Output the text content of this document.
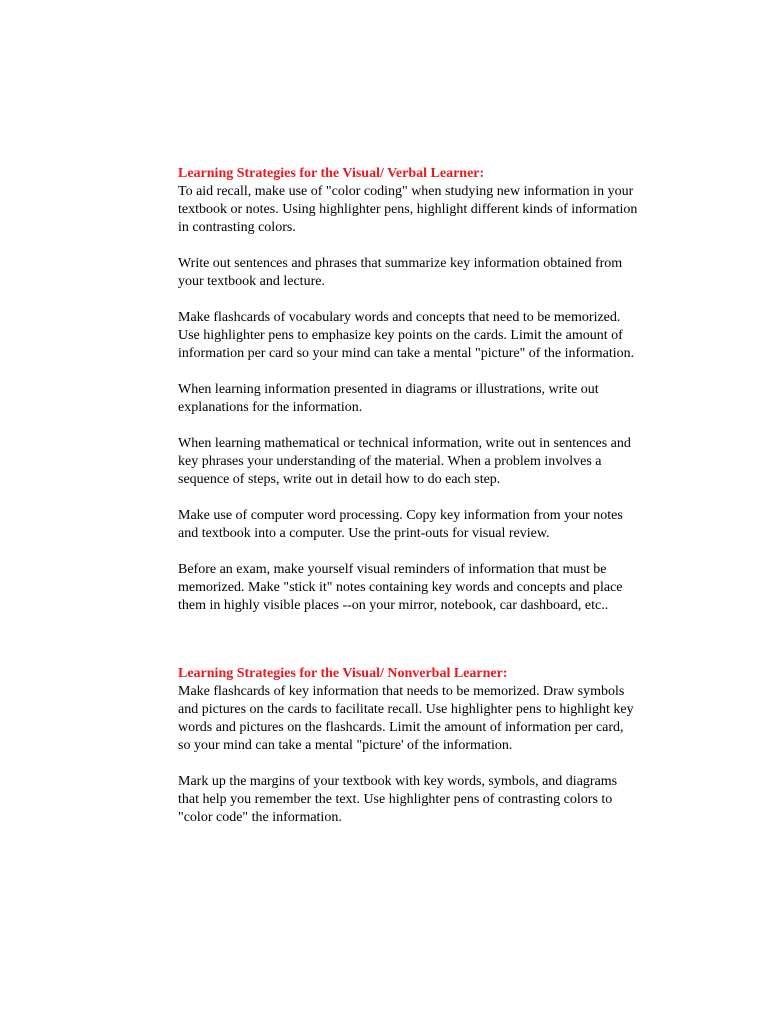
Learning Strategies for the Visual/ Verbal Learner:

To aid recall, make use of "color coding" when studying new information in your textbook or notes. Using highlighter pens, highlight different kinds of information in contrasting colors.

Write out sentences and phrases that summarize key information obtained from your textbook and lecture.

Make flashcards of vocabulary words and concepts that need to be memorized. Use highlighter pens to emphasize key points on the cards. Limit the amount of information per card so your mind can take a mental "picture" of the information.

When learning information presented in diagrams or illustrations, write out explanations for the information.

When learning mathematical or technical information, write out in sentences and key phrases your understanding of the material. When a problem involves a sequence of steps, write out in detail how to do each step.

Make use of computer word processing. Copy key information from your notes and textbook into a computer. Use the print-outs for visual review.

Before an exam, make yourself visual reminders of information that must be memorized. Make "stick it" notes containing key words and concepts and place them in highly visible places --on your mirror, notebook, car dashboard, etc..

Learning Strategies for the Visual/ Nonverbal Learner:

Make flashcards of key information that needs to be memorized. Draw symbols and pictures on the cards to facilitate recall. Use highlighter pens to highlight key words and pictures on the flashcards. Limit the amount of information per card, so your mind can take a mental "picture' of the information.

Mark up the margins of your textbook with key words, symbols, and diagrams that help you remember the text. Use highlighter pens of contrasting colors to "color code" the information.
